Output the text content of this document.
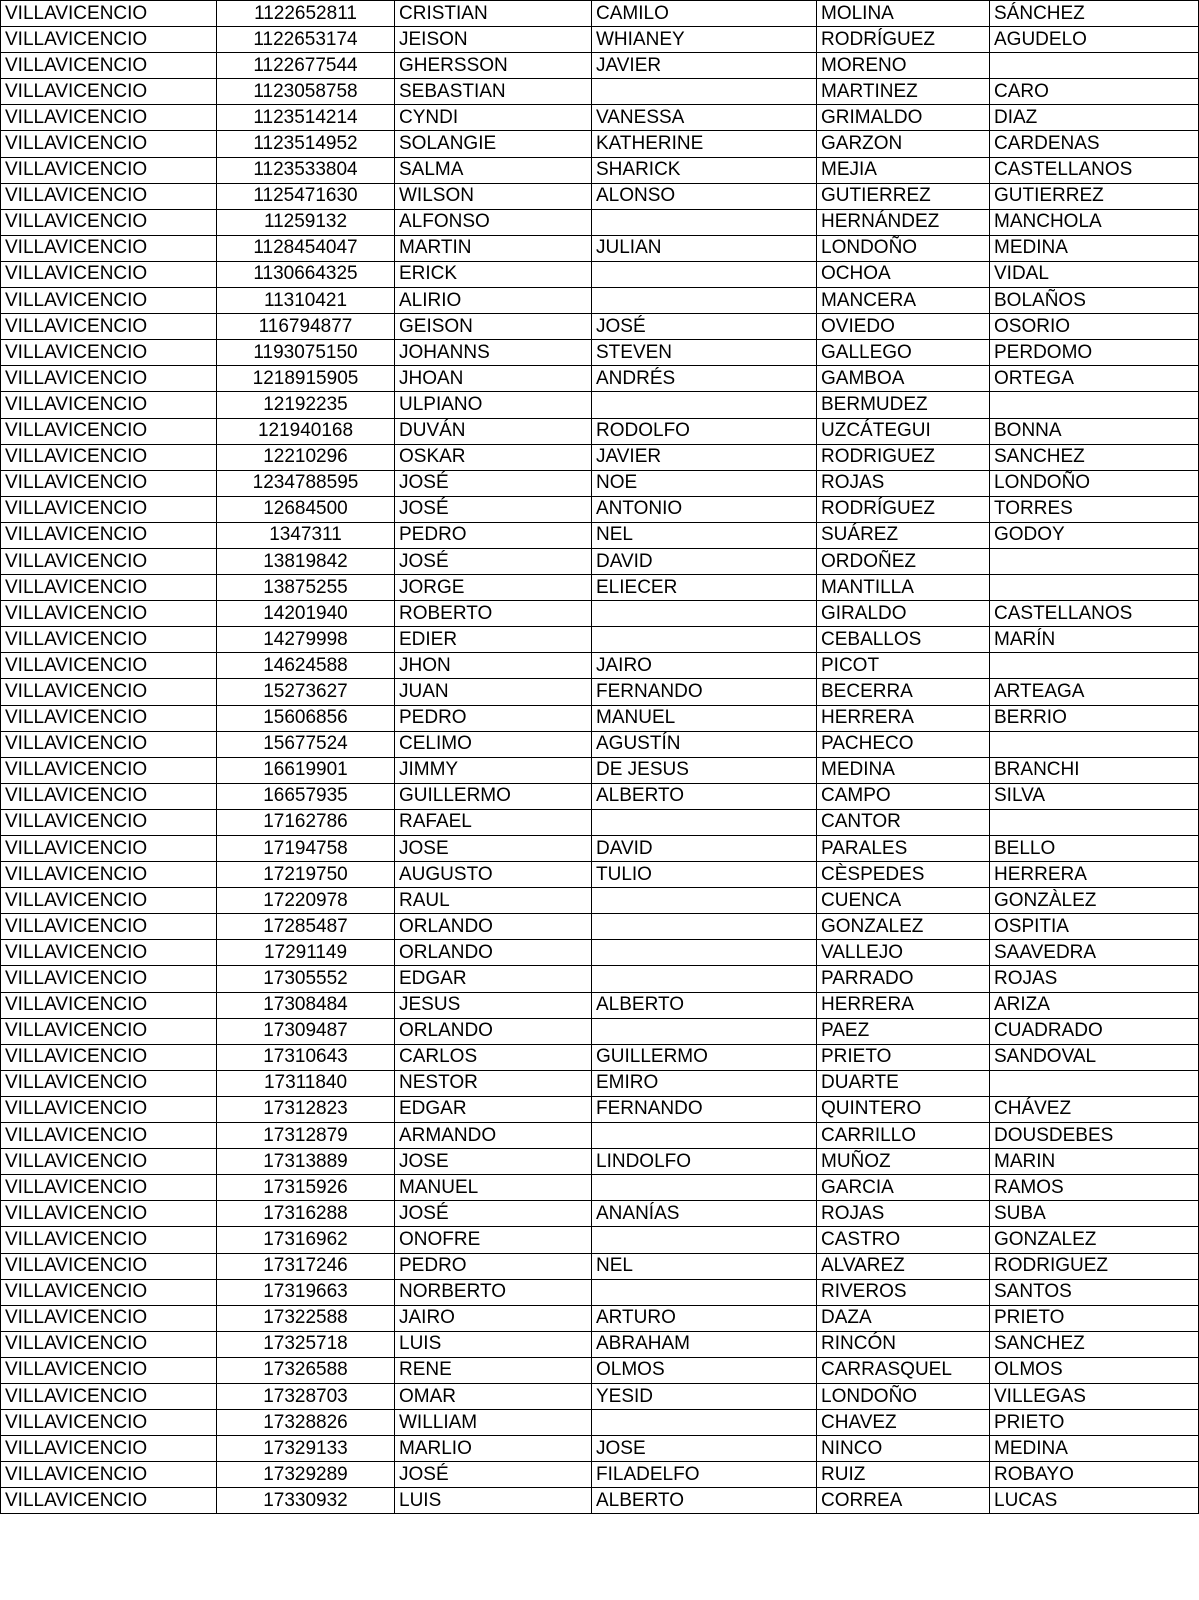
VILLAVICENCIO	1122652811	CRISTIAN	CAMILO	MOLINA	SÁNCHEZ
VILLAVICENCIO	1122653174	JEISON	WHIANEY	RODRÍGUEZ	AGUDELO
VILLAVICENCIO	1122677544	GHERSSON	JAVIER	MORENO	
VILLAVICENCIO	1123058758	SEBASTIAN		MARTINEZ	CARO
VILLAVICENCIO	1123514214	CYNDI	VANESSA	GRIMALDO	DIAZ
VILLAVICENCIO	1123514952	SOLANGIE	KATHERINE	GARZON	CARDENAS
VILLAVICENCIO	1123533804	SALMA	SHARICK	MEJIA	CASTELLANOS
VILLAVICENCIO	1125471630	WILSON	ALONSO	GUTIERREZ	GUTIERREZ
VILLAVICENCIO	11259132	ALFONSO		HERNÁNDEZ	MANCHOLA
VILLAVICENCIO	1128454047	MARTIN	JULIAN	LONDOÑO	MEDINA
VILLAVICENCIO	1130664325	ERICK		OCHOA	VIDAL
VILLAVICENCIO	11310421	ALIRIO		MANCERA	BOLAÑOS
VILLAVICENCIO	116794877	GEISON	JOSÉ	OVIEDO	OSORIO
VILLAVICENCIO	1193075150	JOHANNS	STEVEN	GALLEGO	PERDOMO
VILLAVICENCIO	1218915905	JHOAN	ANDRÉS	GAMBOA	ORTEGA
VILLAVICENCIO	12192235	ULPIANO		BERMUDEZ	
VILLAVICENCIO	121940168	DUVÁN	RODOLFO	UZCÁTEGUI	BONNA
VILLAVICENCIO	12210296	OSKAR	JAVIER	RODRIGUEZ	SANCHEZ
VILLAVICENCIO	1234788595	JOSÉ	NOE	ROJAS	LONDOÑO
VILLAVICENCIO	12684500	JOSÉ	ANTONIO	RODRÍGUEZ	TORRES
VILLAVICENCIO	1347311	PEDRO	NEL	SUÁREZ	GODOY
VILLAVICENCIO	13819842	JOSÉ	DAVID	ORDOÑEZ	
VILLAVICENCIO	13875255	JORGE	ELIECER	MANTILLA	
VILLAVICENCIO	14201940	ROBERTO		GIRALDO	CASTELLANOS
VILLAVICENCIO	14279998	EDIER		CEBALLOS	MARÍN
VILLAVICENCIO	14624588	JHON	JAIRO	PICOT	
VILLAVICENCIO	15273627	JUAN	FERNANDO	BECERRA	ARTEAGA
VILLAVICENCIO	15606856	PEDRO	MANUEL	HERRERA	BERRIO
VILLAVICENCIO	15677524	CELIMO	AGUSTÍN	PACHECO	
VILLAVICENCIO	16619901	JIMMY	DE JESUS	MEDINA	BRANCHI
VILLAVICENCIO	16657935	GUILLERMO	ALBERTO	CAMPO	SILVA
VILLAVICENCIO	17162786	RAFAEL		CANTOR	
VILLAVICENCIO	17194758	JOSE	DAVID	PARALES	BELLO
VILLAVICENCIO	17219750	AUGUSTO	TULIO	CÈSPEDES	HERRERA
VILLAVICENCIO	17220978	RAUL		CUENCA	GONZÀLEZ
VILLAVICENCIO	17285487	ORLANDO		GONZALEZ	OSPITIA
VILLAVICENCIO	17291149	ORLANDO		VALLEJO	SAAVEDRA
VILLAVICENCIO	17305552	EDGAR		PARRADO	ROJAS
VILLAVICENCIO	17308484	JESUS	ALBERTO	HERRERA	ARIZA
VILLAVICENCIO	17309487	ORLANDO		PAEZ	CUADRADO
VILLAVICENCIO	17310643	CARLOS	GUILLERMO	PRIETO	SANDOVAL
VILLAVICENCIO	17311840	NESTOR	EMIRO	DUARTE	
VILLAVICENCIO	17312823	EDGAR	FERNANDO	QUINTERO	CHÁVEZ
VILLAVICENCIO	17312879	ARMANDO		CARRILLO	DOUSDEBES
VILLAVICENCIO	17313889	JOSE	LINDOLFO	MUÑOZ	MARIN
VILLAVICENCIO	17315926	MANUEL		GARCIA	RAMOS
VILLAVICENCIO	17316288	JOSÉ	ANANÍAS	ROJAS	SUBA
VILLAVICENCIO	17316962	ONOFRE		CASTRO	GONZALEZ
VILLAVICENCIO	17317246	PEDRO	NEL	ALVAREZ	RODRIGUEZ
VILLAVICENCIO	17319663	NORBERTO		RIVEROS	SANTOS
VILLAVICENCIO	17322588	JAIRO	ARTURO	DAZA	PRIETO
VILLAVICENCIO	17325718	LUIS	ABRAHAM	RINCÓN	SANCHEZ
VILLAVICENCIO	17326588	RENE	OLMOS	CARRASQUEL	OLMOS
VILLAVICENCIO	17328703	OMAR	YESID	LONDOÑO	VILLEGAS
VILLAVICENCIO	17328826	WILLIAM		CHAVEZ	PRIETO
VILLAVICENCIO	17329133	MARLIO	JOSE	NINCO	MEDINA
VILLAVICENCIO	17329289	JOSÉ	FILADELFO	RUIZ	ROBAYO
VILLAVICENCIO	17330932	LUIS	ALBERTO	CORREA	LUCAS
